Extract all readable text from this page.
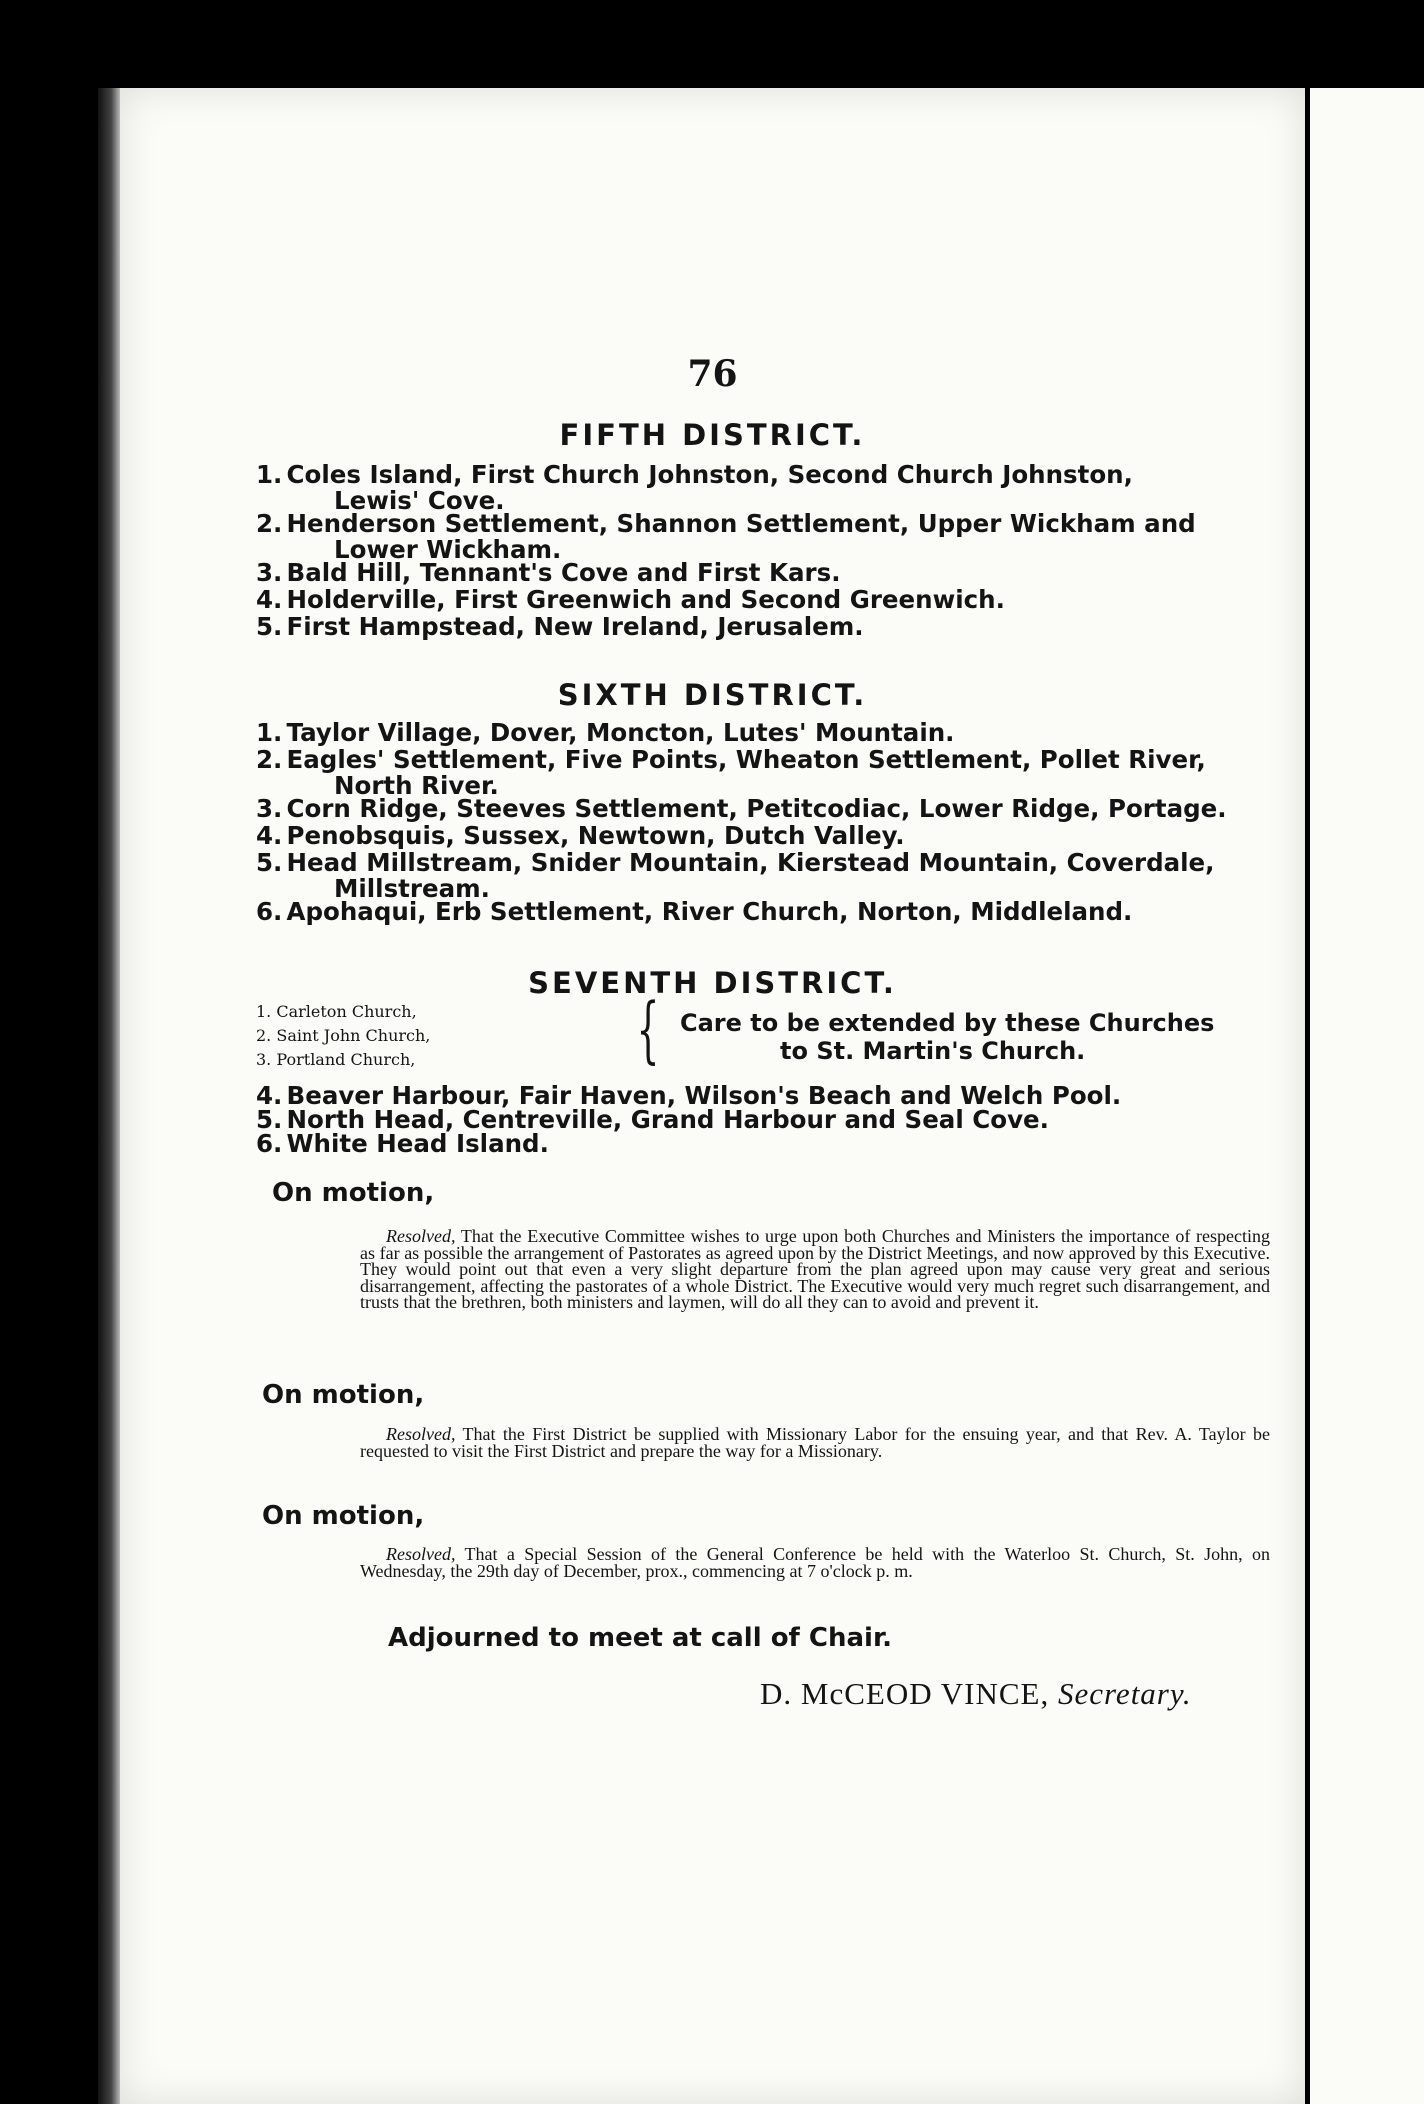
76
FIFTH DISTRICT.
1. Coles Island, First Church Johnston, Second Church Johnston,
Lewis' Cove.
2. Henderson Settlement, Shannon Settlement, Upper Wickham and
Lower Wickham.
3. Bald Hill, Tennant's Cove and First Kars.
4. Holderville, First Greenwich and Second Greenwich.
5. First Hampstead, New Ireland, Jerusalem.
SIXTH DISTRICT.
1. Taylor Village, Dover, Moncton, Lutes' Mountain.
2. Eagles' Settlement, Five Points, Wheaton Settlement, Pollet River,
North River.
3. Corn Ridge, Steeves Settlement, Petitcodiac, Lower Ridge, Portage.
4. Penobsquis, Sussex, Newtown, Dutch Valley.
5. Head Millstream, Snider Mountain, Kierstead Mountain, Coverdale,
Millstream.
6. Apohaqui, Erb Settlement, River Church, Norton, Middleland.
SEVENTH DISTRICT.
1. Carleton Church,
2. Saint John Church,
3. Portland Church,	{ Care to be extended by these Churches
to St. Martin's Church.
4. Beaver Harbour, Fair Haven, Wilson's Beach and Welch Pool.
5. North Head, Centreville, Grand Harbour and Seal Cove.
6. White Head Island.
On motion,
Resolved, That the Executive Committee wishes to urge upon both Churches and Ministers the importance of respecting as far as possible the arrangement of Pastorates as agreed upon by the District Meetings, and now approved by this Executive. They would point out that even a very slight departure from the plan agreed upon may cause very great and serious disarrangement, affecting the pastorates of a whole District. The Executive would very much regret such disarrangement, and trusts that the brethren, both ministers and laymen, will do all they can to avoid and prevent it.
On motion,
Resolved, That the First District be supplied with Missionary Labor for the ensuing year, and that Rev. A. Taylor be requested to visit the First District and prepare the way for a Missionary.
On motion,
Resolved, That a Special Session of the General Conference be held with the Waterloo St. Church, St. John, on Wednesday, the 29th day of December, prox., commencing at 7 o'clock p. m.
Adjourned to meet at call of Chair.
D. McCEOD VINCE, Secretary.
